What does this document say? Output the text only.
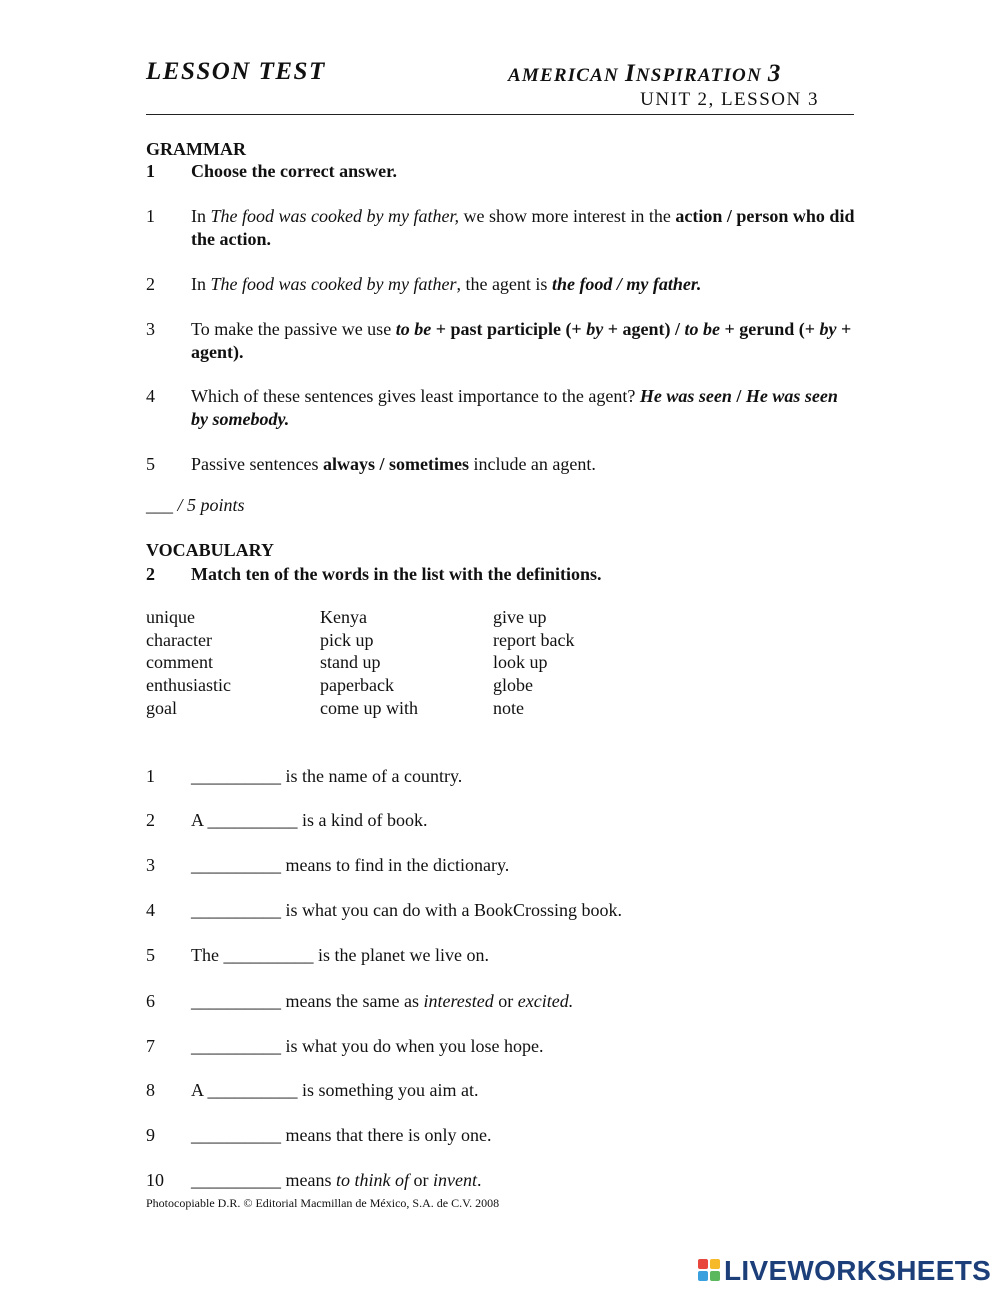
LESSON TEST	AMERICAN INSPIRATION 3
UNIT 2, LESSON 3
GRAMMAR
1 Choose the correct answer.
1 In The food was cooked by my father, we show more interest in the action / person who did the action.
2 In The food was cooked by my father, the agent is the food / my father.
3 To make the passive we use to be + past participle (+ by + agent) / to be + gerund (+ by + agent).
4 Which of these sentences gives least importance to the agent? He was seen / He was seen by somebody.
5 Passive sentences always / sometimes include an agent.
___ / 5 points
VOCABULARY
2 Match ten of the words in the list with the definitions.
unique
character
comment
enthusiastic
goal
Kenya
pick up
stand up
paperback
come up with
give up
report back
look up
globe
note
1 __________ is the name of a country.
2 A __________ is a kind of book.
3 __________ means to find in the dictionary.
4 __________ is what you can do with a BookCrossing book.
5 The __________ is the planet we live on.
6 __________ means the same as interested or excited.
7 __________ is what you do when you lose hope.
8 A __________ is something you aim at.
9 __________ means that there is only one.
10 __________ means to think of or invent.
Photocopiable D.R. © Editorial Macmillan de México, S.A. de C.V. 2008
LIVEWORKSHEETS
